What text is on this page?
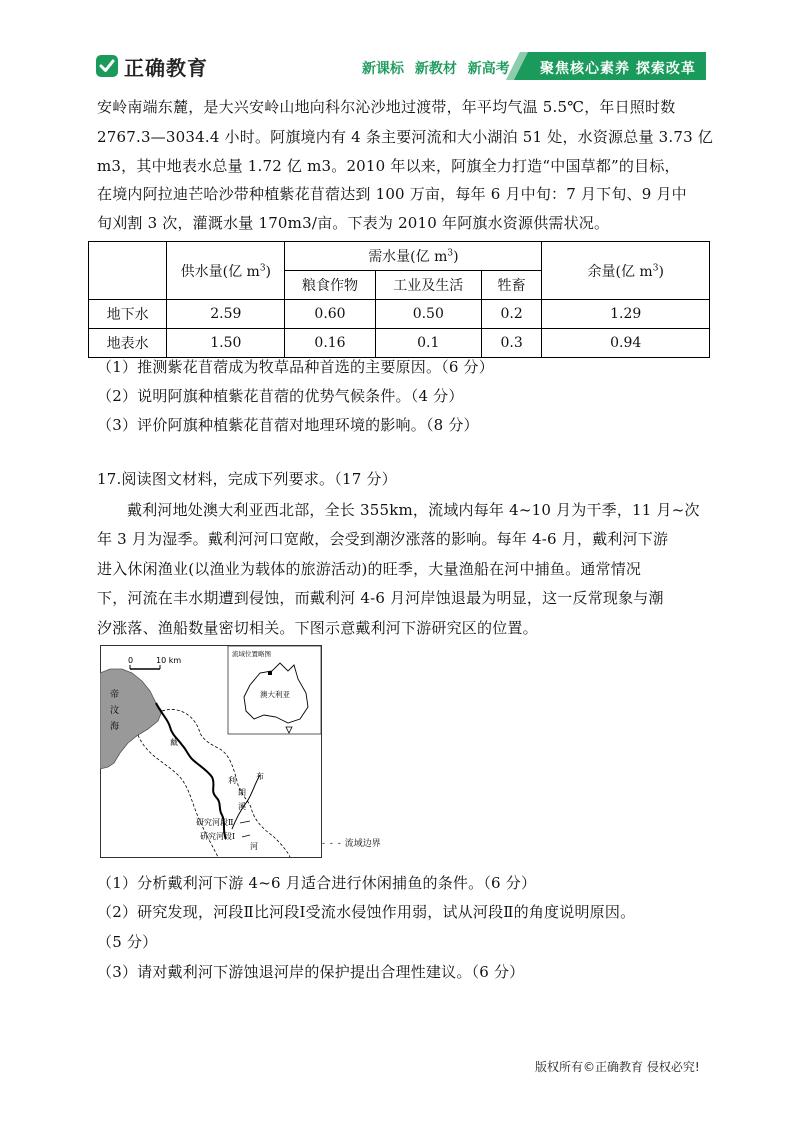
正确教育	新课标 新教材 新高考	聚焦核心素养 探索改革
安岭南端东麓，是大兴安岭山地向科尔沁沙地过渡带，年平均气温 5.5℃，年日照时数
2767.3—3034.4 小时。阿旗境内有 4 条主要河流和大小湖泊 51 处，水资源总量 3.73 亿
m3，其中地表水总量 1.72 亿 m3。2010 年以来，阿旗全力打造“中国草都”的目标，
在境内阿拉迪芒哈沙带种植紫花苜蓿达到 100 万亩，每年 6 月中旬：7 月下旬、9 月中
旬刈割 3 次，灌溉水量 170m3/亩。下表为 2010 年阿旗水资源供需状况。
	供水量(亿 $m^3$)	需水量(亿 $m^3$)			余量(亿 $m^3$)
		粮食作物	工业及生活	牲畜	
地下水	2.59	0.60	0.50	0.2	1.29
地表水	1.50	0.16	0.1	0.3	0.94
（1）推测紫花苜蓿成为牧草品种首选的主要原因。（6 分）
（2）说明阿旗种植紫花苜蓿的优势气候条件。（4 分）
（3）评价阿旗种植紫花苜蓿对地理环境的影响。（8 分）
17.阅读图文材料，完成下列要求。（17 分）
戴利河地处澳大利亚西北部，全长 355km，流域内每年 4~10 月为干季，11 月~次
年 3 月为湿季。戴利河河口宽敞，会受到潮汐涨落的影响。每年 4-6 月，戴利河下游
进入休闲渔业(以渔业为载体的旅游活动)的旺季，大量渔船在河中捕鱼。通常情况
下，河流在丰水期遭到侵蚀，而戴利河 4-6 月河岸蚀退最为明显，这一反常现象与潮
汐涨落、渔船数量密切相关。下图示意戴利河下游研究区的位置。
0	10 km
帝
汶
海
戴
利
河
布
朗
溪
研究河段Ⅱ
研究河段Ⅰ
流域位置略图
澳大利亚
- - - 流域边界
（1）分析戴利河下游 4~6 月适合进行休闲捕鱼的条件。（6 分）
（2）研究发现，河段Ⅱ比河段Ⅰ受流水侵蚀作用弱，试从河段Ⅱ的角度说明原因。
（5 分）
（3）请对戴利河下游蚀退河岸的保护提出合理性建议。（6 分）
版权所有©正确教育 侵权必究!
